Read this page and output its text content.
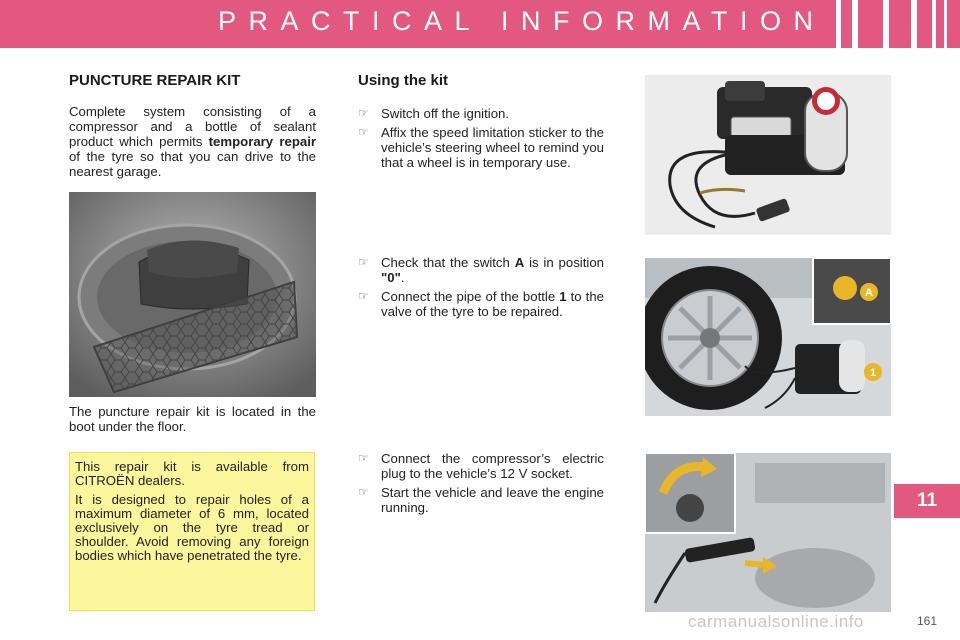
PRACTICAL INFORMATION
11
PUNCTURE REPAIR KIT
Complete system consisting of a compressor and a bottle of sealant product which permits temporary repair of the tyre so that you can drive to the nearest garage.
The puncture repair kit is located in the boot under the floor.

This repair kit is available from CITROËN dealers.

It is designed to repair holes of a maximum diameter of 6 mm, located exclusively on the tyre tread or shoulder. Avoid removing any foreign bodies which have penetrated the tyre.

Using the kit
☞ Switch off the ignition.
☞ Affix the speed limitation sticker to the vehicle’s steering wheel to remind you that a wheel is in temporary use.
☞ Check that the switch A is in position "0".
☞ Connect the pipe of the bottle 1 to the valve of the tyre to be repaired.
☞ Connect the compressor’s electric plug to the vehicle’s 12 V socket.
☞ Start the vehicle and leave the engine running.
A
1
carmanualsonline.info	161
